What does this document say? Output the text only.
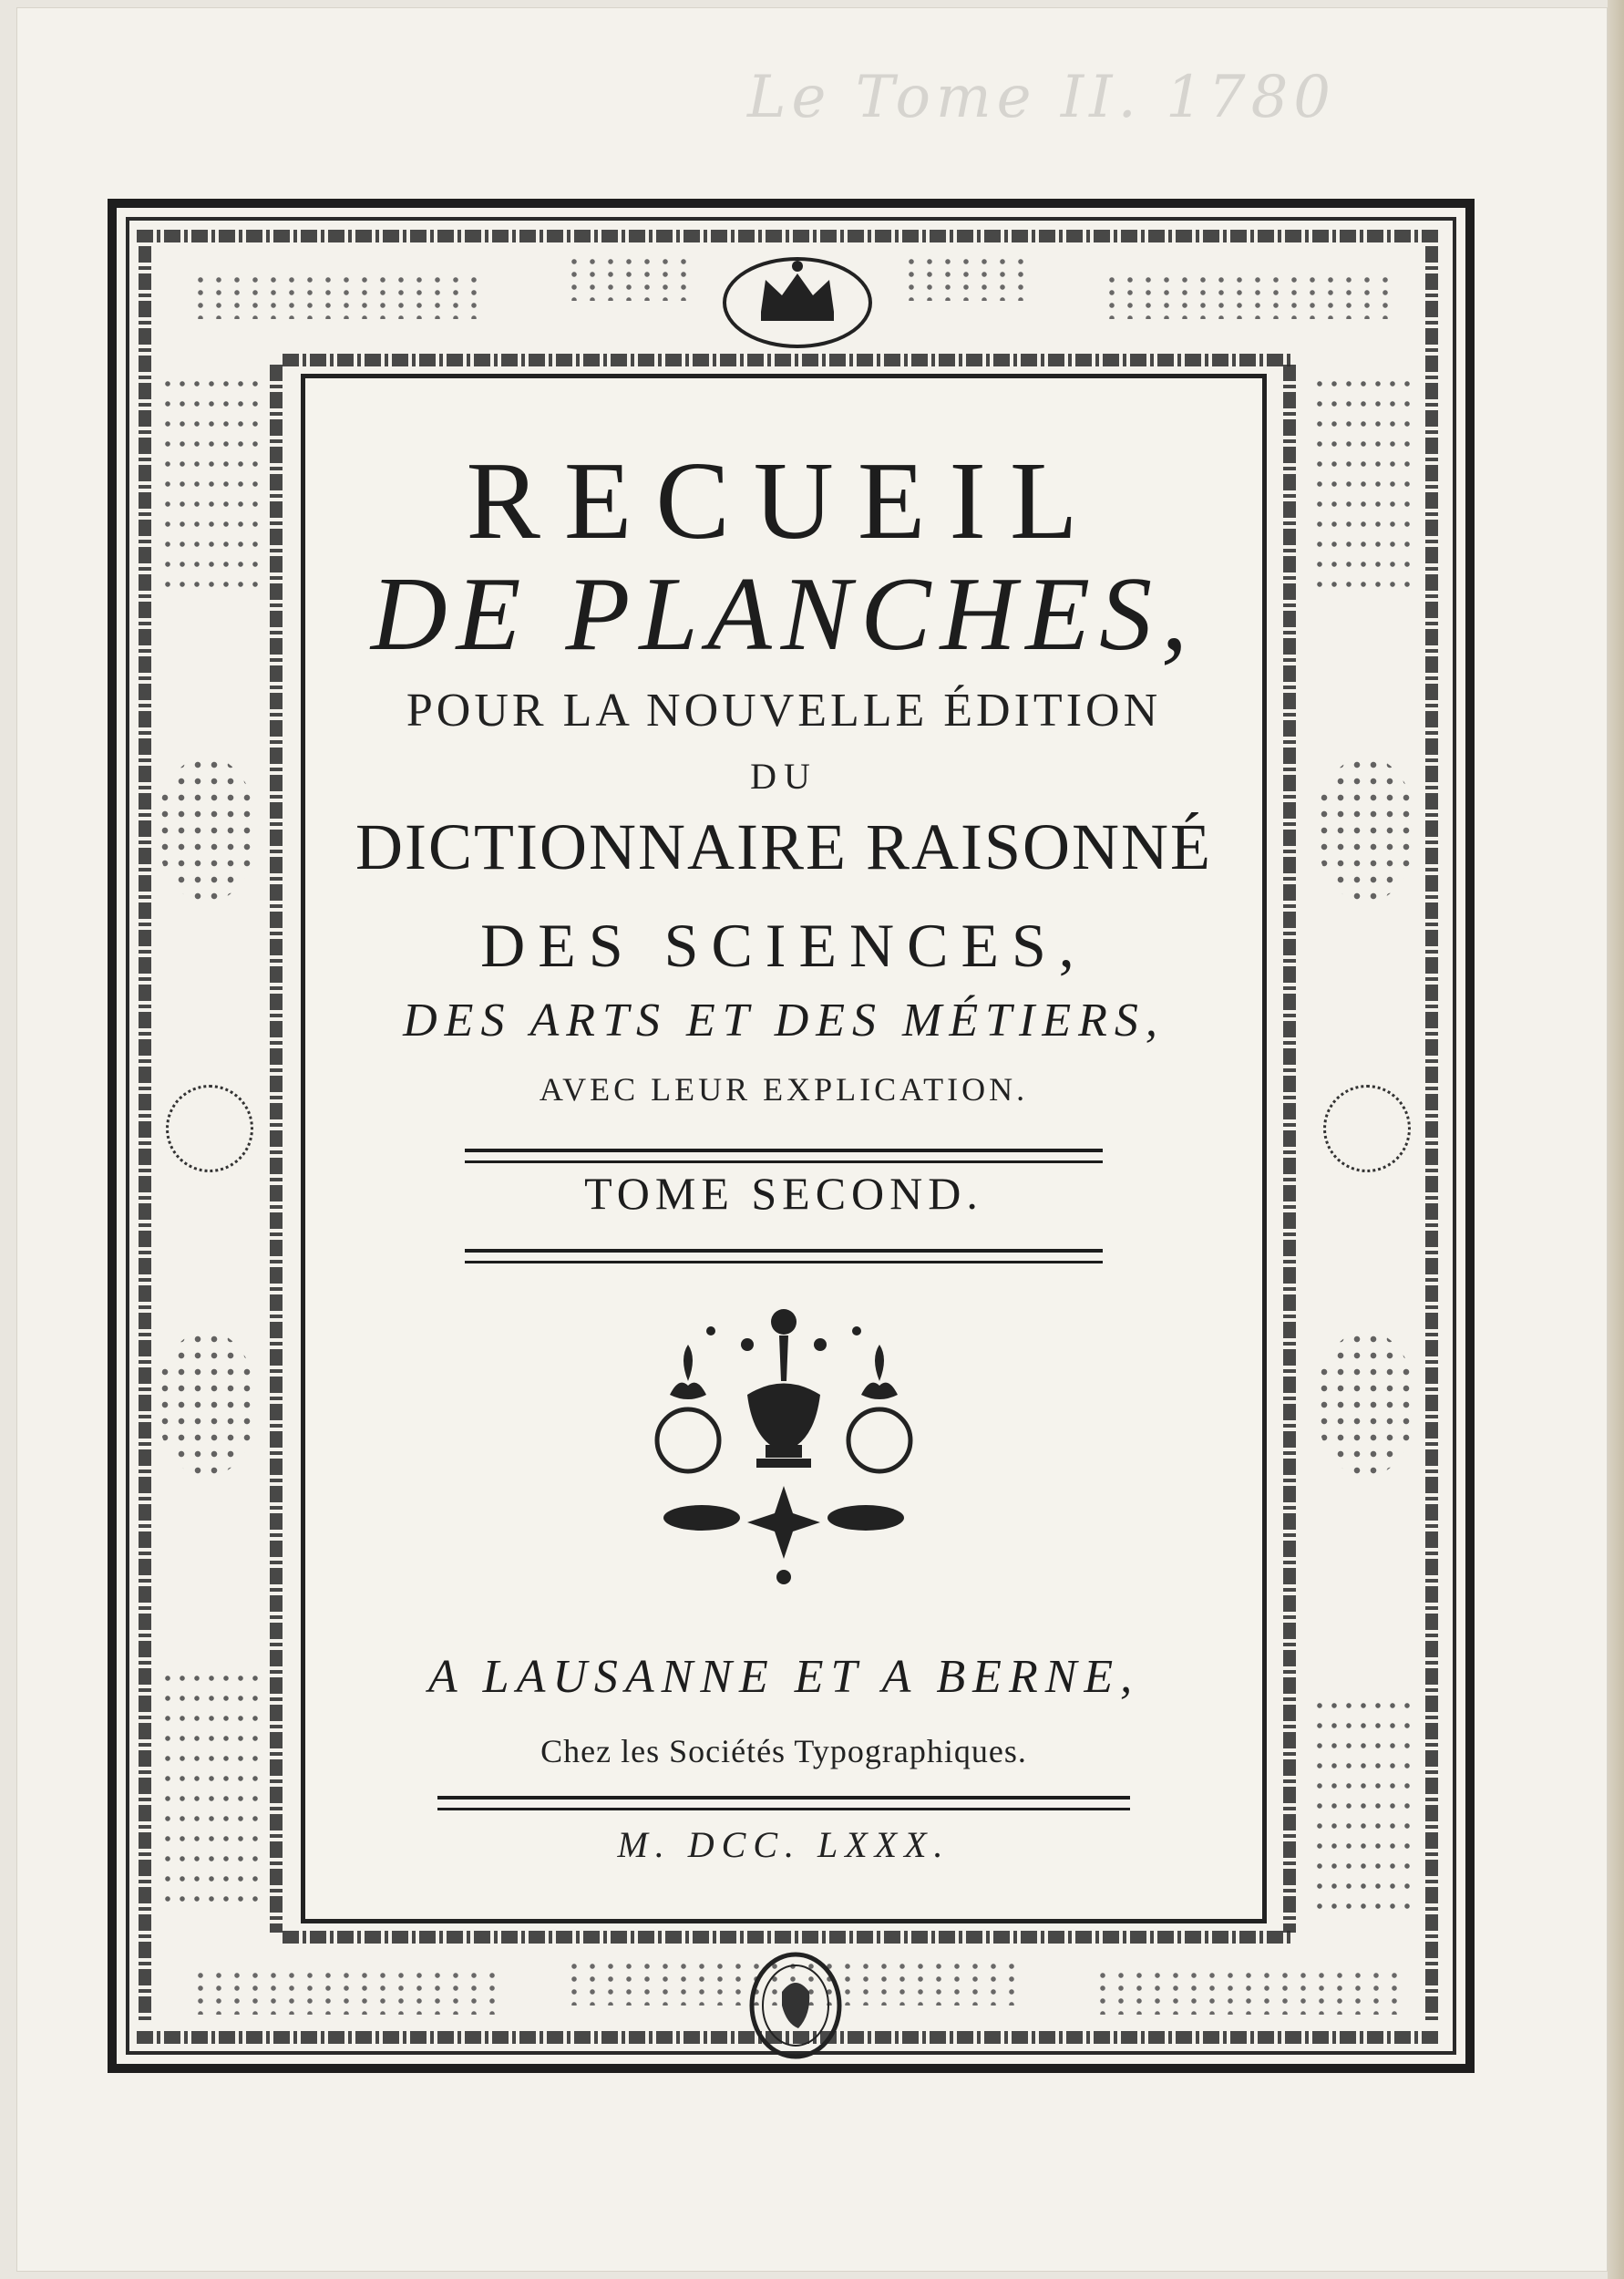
Le Tome II. 1780
RECUEIL
DE PLANCHES,
POUR LA NOUVELLE ÉDITION
DU
DICTIONNAIRE RAISONNÉ
DES SCIENCES,
DES ARTS ET DES MÉTIERS,
AVEC LEUR EXPLICATION.
TOME SECOND.
A LAUSANNE ET A BERNE,
Chez les Sociétés Typographiques.
M. DCC. LXXX.
